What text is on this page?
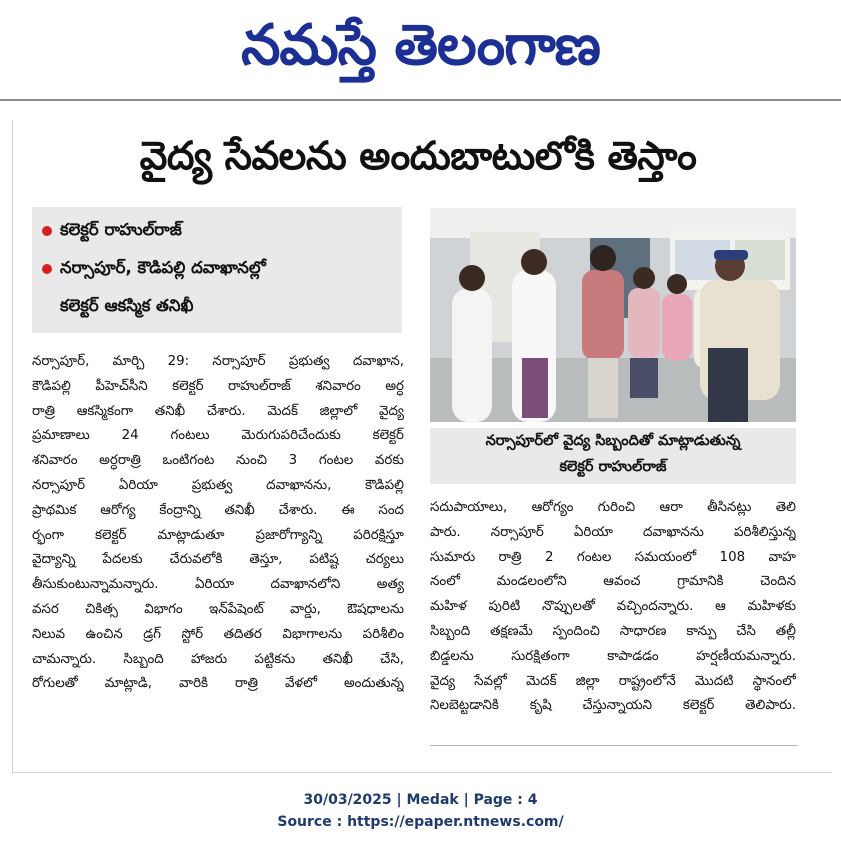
నమస్తే తెలంగాణ
వైద్య సేవలను అందుబాటులోకి తెస్తాం
కలెక్టర్ రాహుల్‌రాజ్
నర్సాపూర్, కౌడిపల్లి దవాఖానల్లో
కలెక్టర్ ఆకస్మిక తనిఖీ
నర్సాపూర్, మార్చి 29: నర్సాపూర్ ప్రభుత్వ దవాఖాన,
కౌడిపల్లి పీహెచ్‌సీని కలెక్టర్ రాహుల్‌రాజ్ శనివారం అర్ధ
రాత్రి ఆకస్మికంగా తనిఖీ చేశారు. మెదక్ జిల్లాలో వైద్య
ప్రమాణాలు 24 గంటలు మెరుగుపరిచేందుకు కలెక్టర్
శనివారం అర్ధరాత్రి ఒంటిగంట నుంచి 3 గంటల వరకు
నర్సాపూర్ ఏరియా ప్రభుత్వ దవాఖానను, కౌడిపల్లి
ప్రాథమిక ఆరోగ్య కేంద్రాన్ని తనిఖీ చేశారు. ఈ సంద
ర్భంగా కలెక్టర్ మాట్లాడుతూ ప్రజారోగ్యాన్ని పరిరక్షిస్తూ
వైద్యాన్ని పేదలకు చేరువలోకి తెస్తూ, పటిష్ట చర్యలు
తీసుకుంటున్నామన్నారు. ఏరియా దవాఖానలోని అత్య
వసర చికిత్స విభాగం ఇన్‌పేషెంట్ వార్డు, ఔషధాలను
నిలువ ఉంచిన డ్రగ్ స్టోర్ తదితర విభాగాలను పరిశీలిం
చామన్నారు. సిబ్బంది హాజరు పట్టికను తనిఖీ చేసి,
రోగులతో మాట్లాడి, వారికి రాత్రి వేళలో అందుతున్న
నర్సాపూర్‌లో వైద్య సిబ్బందితో మాట్లాడుతున్న
కలెక్టర్ రాహుల్‌రాజ్
సదుపాయాలు, ఆరోగ్యం గురించి ఆరా తీసినట్లు తెలి
పారు. నర్సాపూర్ ఏరియా దవాఖానను పరిశీలిస్తున్న
సుమారు రాత్రి 2 గంటల సమయంలో 108 వాహ
నంలో మండలంలోని ఆవంచ గ్రామానికి చెందిన
మహిళ పురిటి నొప్పులతో వచ్చిందన్నారు. ఆ మహిళకు
సిబ్బంది తక్షణమే స్పందించి సాధారణ కాన్పు చేసి తల్లీ
బిడ్డలను సురక్షితంగా కాపాడడం హర్షణీయమన్నారు.
వైద్య సేవల్లో మెదక్ జిల్లా రాష్ట్రంలోనే మొదటి స్థానంలో
నిలబెట్టడానికి కృషి చేస్తున్నాయని కలెక్టర్ తెలిపారు.
30/03/2025 | Medak | Page : 4
Source : https://epaper.ntnews.com/
